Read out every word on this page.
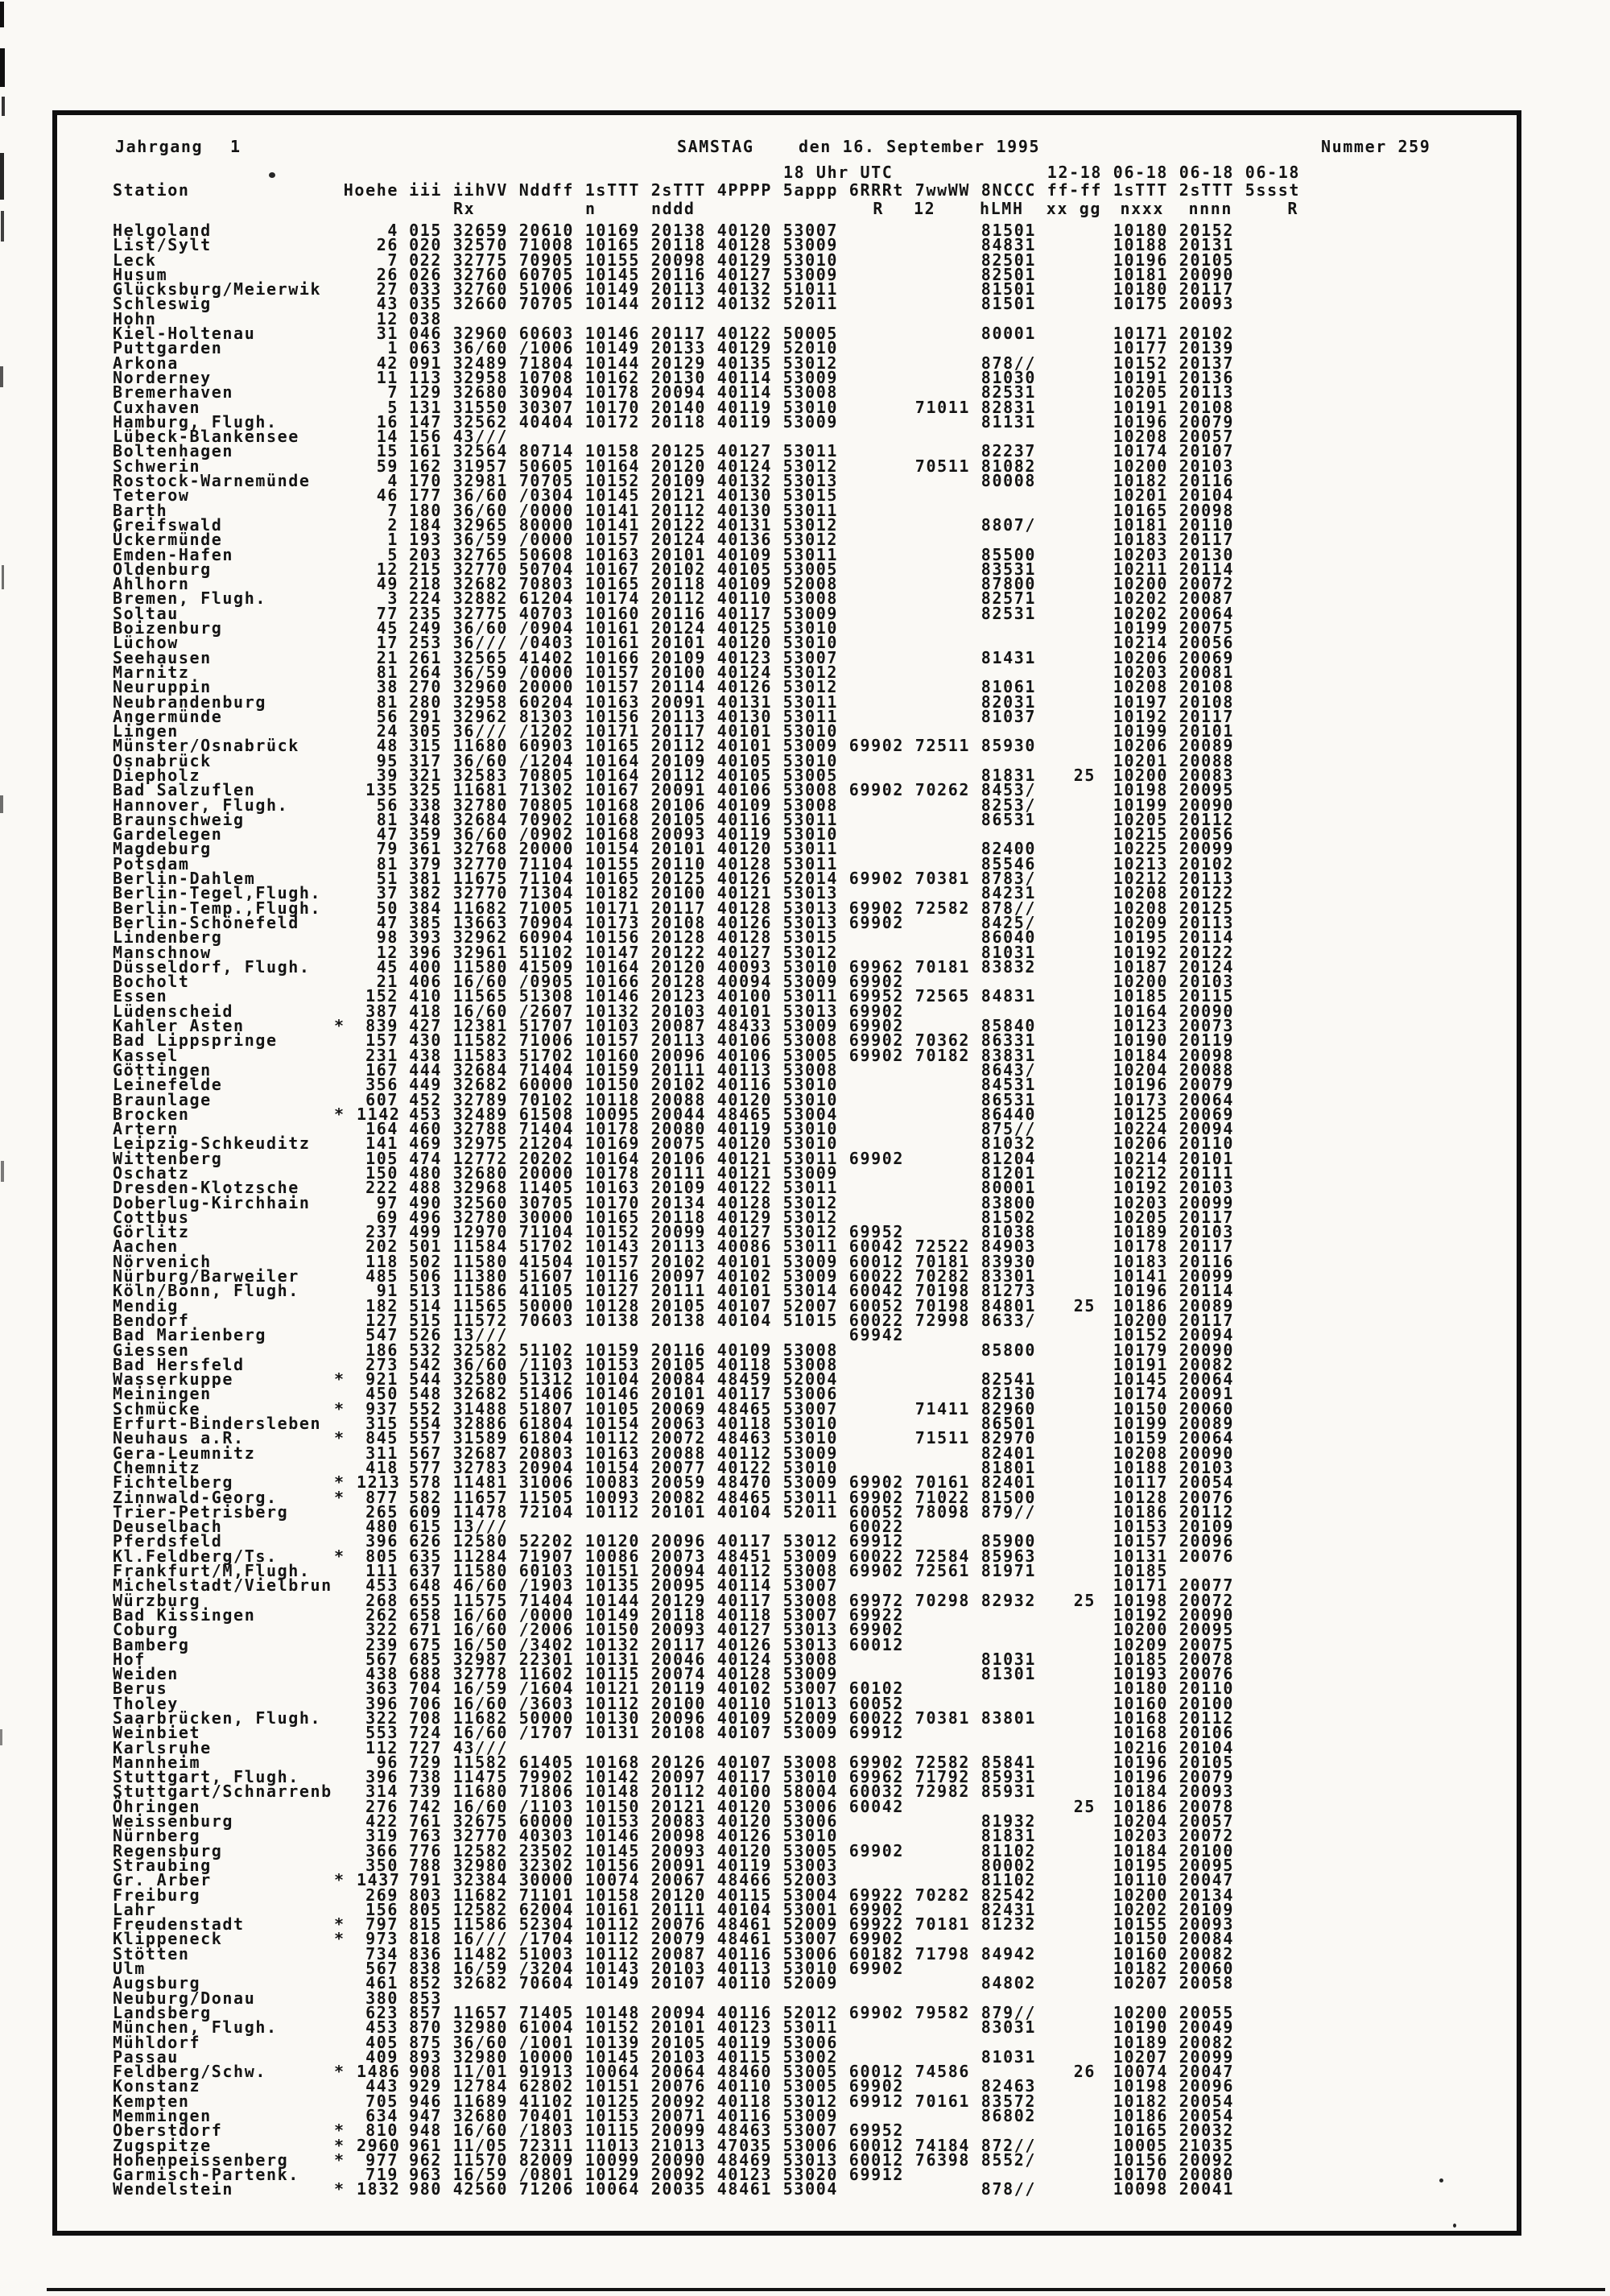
Jahrgang 1	SAMSTAG	den 16. September 1995	Nummer 259
									18 Uhr UTC				12-18	06-18	06-18	06-18
Station	Hoehe		iii	iihVV	Nddff	1sTTT	2sTTT	4PPPP	5appp	6RRRt	7wwWW	8NCCC	ff-ff	1sTTT	2sTTT	5ssst
				Rx		n	nddd			R	12	hLMH	xx gg	nxxx	nnnn	R

Helgoland		4	015	32659	20610	10169	20138	40120	53007			81501		10180	20152	
List/Sylt		26	020	32570	71008	10165	20118	40128	53009			84831		10188	20131	
Leck		7	022	32775	70905	10155	20098	40129	53010			82501		10196	20105	
Husum		26	026	32760	60705	10145	20116	40127	53009			82501		10181	20090	
Glücksburg/Meierwik		27	033	32760	51006	10149	20113	40132	51011			81501		10180	20117	
Schleswig		43	035	32660	70705	10144	20112	40132	52011			81501		10175	20093	
Hohn		12	038													
Kiel-Holtenau		31	046	32960	60603	10146	20117	40122	50005			80001		10171	20102	
Puttgarden		1	063	36/60	/1006	10149	20133	40129	52010					10177	20139	
Arkona		42	091	32489	71804	10144	20129	40135	53012			878//		10152	20137	
Norderney		11	113	32958	10708	10162	20130	40114	53009			81030		10191	20136	
Bremerhaven		7	129	32680	30904	10178	20094	40114	53008			82531		10205	20113	
Cuxhaven		5	131	31550	30307	10170	20140	40119	53010		71011	82831		10191	20108	
Hamburg, Flugh.		16	147	32562	40404	10172	20118	40119	53009			81131		10196	20079	
Lübeck-Blankensee		14	156	43///										10208	20057	
Boltenhagen		15	161	32564	80714	10158	20125	40127	53011			82237		10174	20107	
Schwerin		59	162	31957	50605	10164	20120	40124	53012		70511	81082		10200	20103	
Rostock-Warnemünde		4	170	32981	70705	10152	20109	40132	53013			80008		10182	20116	
Teterow		46	177	36/60	/0304	10145	20121	40130	53015					10201	20104	
Barth		7	180	36/60	/0000	10141	20112	40130	53011					10165	20098	
Greifswald		2	184	32965	80000	10141	20122	40131	53012			8807/		10181	20110	
Ückermünde		1	193	36/59	/0000	10157	20124	40136	53012					10183	20117	
Emden-Hafen		5	203	32765	50608	10163	20101	40109	53011			85500		10203	20130	
Oldenburg		12	215	32770	50704	10167	20102	40105	53005			83531		10211	20114	
Ahlhorn		49	218	32682	70803	10165	20118	40109	52008			87800		10200	20072	
Bremen, Flugh.		3	224	32882	61204	10174	20112	40110	53008			82571		10202	20087	
Soltau		77	235	32775	40703	10160	20116	40117	53009			82531		10202	20064	
Boizenburg		45	249	36/60	/0904	10161	20124	40125	53010					10199	20075	
Lüchow		17	253	36///	/0403	10161	20101	40120	53010					10214	20056	
Seehausen		21	261	32565	41402	10166	20109	40123	53007			81431		10206	20069	
Marnitz		81	264	36/59	/0000	10157	20100	40124	53012					10203	20081	
Neuruppin		38	270	32960	20000	10157	20114	40126	53012			81061		10208	20108	
Neubrandenburg		81	280	32958	60204	10163	20091	40131	53011			82031		10197	20108	
Angermünde		56	291	32962	81303	10156	20113	40130	53011			81037		10192	20117	
Lingen		24	305	36///	/1202	10171	20117	40101	53010					10199	20101	
Münster/Osnabrück		48	315	11680	60903	10165	20112	40101	53009	69902	72511	85930		10206	20089	
Osnabrück		95	317	36/60	/1204	10164	20109	40105	53010					10201	20088	
Diepholz		39	321	32583	70805	10164	20112	40105	53005			81831	25	10200	20083	
Bad Salzuflen		135	325	11681	71302	10167	20091	40106	53008	69902	70262	8453/		10198	20095	
Hannover, Flugh.		56	338	32780	70805	10168	20106	40109	53008			8253/		10199	20090	
Braunschweig		81	348	32684	70902	10168	20105	40116	53011			86531		10205	20112	
Gardelegen		47	359	36/60	/0902	10168	20093	40119	53010					10215	20056	
Magdeburg		79	361	32768	20000	10154	20101	40120	53011			82400		10225	20099	
Potsdam		81	379	32770	71104	10155	20110	40128	53011			85546		10213	20102	
Berlin-Dahlem		51	381	11675	71104	10165	20125	40126	52014	69902	70381	8783/		10212	20113	
Berlin-Tegel,Flugh.		37	382	32770	71304	10182	20100	40121	53013			84231		10208	20122	
Berlin-Temp.,Flugh.		50	384	11682	71005	10171	20117	40128	53013	69902	72582	878//		10208	20125	
Berlin-Schönefeld		47	385	13663	70904	10173	20108	40126	53013	69902		8425/		10209	20113	
Lindenberg		98	393	32962	60904	10156	20128	40128	53015			86040		10195	20114	
Manschnow		12	396	32961	51102	10147	20122	40127	53012			81031		10192	20122	
Düsseldorf, Flugh.		45	400	11580	41509	10164	20120	40093	53010	69962	70181	83832		10187	20124	
Bocholt		21	406	16/60	/0905	10166	20128	40094	53009	69902				10200	20103	
Essen		152	410	11565	51308	10146	20123	40100	53011	69952	72565	84831		10185	20115	
Lüdenscheid		387	418	16/60	/2607	10132	20103	40101	53013	69902				10164	20090	
Kahler Asten	*	839	427	12381	51707	10103	20087	48433	53009	69902		85840		10123	20073	
Bad Lippspringe		157	430	11582	71006	10157	20113	40106	53008	69902	70362	86331		10190	20119	
Kassel		231	438	11583	51702	10160	20096	40106	53005	69902	70182	83831		10184	20098	
Göttingen		167	444	32684	71404	10159	20111	40113	53008			8643/		10204	20088	
Leinefelde		356	449	32682	60000	10150	20102	40116	53010			84531		10196	20079	
Braunlage		607	452	32789	70102	10118	20088	40120	53010			86531		10173	20064	
Brocken	*	1142	453	32489	61508	10095	20044	48465	53004			86440		10125	20069	
Artern		164	460	32788	71404	10178	20080	40119	53010			875//		10224	20094	
Leipzig-Schkeuditz		141	469	32975	21204	10169	20075	40120	53010			81032		10206	20110	
Wittenberg		105	474	12772	20202	10164	20106	40121	53011	69902		81204		10214	20101	
Oschatz		150	480	32680	20000	10178	20111	40121	53009			81201		10212	20111	
Dresden-Klotzsche		222	488	32968	11405	10163	20109	40122	53011			80001		10192	20103	
Doberlug-Kirchhain		97	490	32560	30705	10170	20134	40128	53012			83800		10203	20099	
Cottbus		69	496	32780	30000	10165	20118	40129	53012			81502		10205	20117	
Görlitz		237	499	12970	71104	10152	20099	40127	53012	69952		81038		10189	20103	
Aachen		202	501	11584	51702	10143	20113	40086	53011	60042	72522	84903		10178	20117	
Nörvenich		118	502	11580	41504	10157	20102	40101	53009	60012	70181	83930		10183	20116	
Nürburg/Barweiler		485	506	11380	51607	10116	20097	40102	53009	60022	70282	83301		10141	20099	
Köln/Bonn, Flugh.		91	513	11586	41105	10127	20111	40101	53014	60042	70198	81273		10196	20114	
Mendig		182	514	11565	50000	10128	20105	40107	52007	60052	70198	84801	25	10186	20089	
Bendorf		127	515	11572	70603	10138	20138	40104	51015	60022	72998	8633/		10200	20117	
Bad Marienberg		547	526	13///						69942				10152	20094	
Giessen		186	532	32582	51102	10159	20116	40109	53008			85800		10179	20090	
Bad Hersfeld		273	542	36/60	/1103	10153	20105	40118	53008					10191	20082	
Wasserkuppe	*	921	544	32580	51312	10104	20084	48459	52004			82541		10145	20064	
Meiningen		450	548	32682	51406	10146	20101	40117	53006			82130		10174	20091	
Schmücke	*	937	552	31488	51807	10105	20069	48465	53007		71411	82960		10150	20060	
Erfurt-Bindersleben		315	554	32886	61804	10154	20063	40118	53010			86501		10199	20089	
Neuhaus a.R.	*	845	557	31589	61804	10112	20072	48463	53010		71511	82970		10159	20064	
Gera-Leumnitz		311	567	32687	20803	10163	20088	40112	53009			82401		10208	20090	
Chemnitz		418	577	32783	20904	10154	20077	40122	53010			81801		10188	20103	
Fichtelberg	*	1213	578	11481	31006	10083	20059	48470	53009	69902	70161	82401		10117	20054	
Zinnwald-Georg.	*	877	582	11657	11505	10093	20082	48465	53011	69902	71022	81500		10128	20076	
Trier-Petrisberg		265	609	11478	72104	10112	20101	40104	52011	60052	78098	879//		10186	20112	
Deuselbach		480	615	13///						60022				10153	20109	
Pferdsfeld		396	626	12580	52202	10120	20096	40117	53012	69912		85900		10157	20096	
Kl.Feldberg/Ts.	*	805	635	11284	71907	10086	20073	48451	53009	60022	72584	85963		10131	20076	
Frankfurt/M,Flugh.		111	637	11580	60103	10151	20094	40112	53008	69902	72561	81971		10185		
Michelstadt/Vielbrun		453	648	46/60	/1903	10135	20095	40114	53007					10171	20077	
Würzburg		268	655	11575	71404	10144	20129	40117	53008	69972	70298	82932	25	10198	20072	
Bad Kissingen		262	658	16/60	/0000	10149	20118	40118	53007	69922				10192	20090	
Coburg		322	671	16/60	/2006	10150	20093	40127	53013	69902				10200	20095	
Bamberg		239	675	16/50	/3402	10132	20117	40126	53013	60012				10209	20075	
Hof		567	685	32987	22301	10131	20046	40124	53008			81031		10185	20078	
Weiden		438	688	32778	11602	10115	20074	40128	53009			81301		10193	20076	
Berus		363	704	16/59	/1604	10121	20119	40102	53007	60102				10180	20110	
Tholey		396	706	16/60	/3603	10112	20100	40110	51013	60052				10160	20100	
Saarbrücken, Flugh.		322	708	11682	50000	10130	20096	40109	52009	60022	70381	83801		10168	20112	
Weinbiet		553	724	16/60	/1707	10131	20108	40107	53009	69912				10168	20106	
Karlsruhe		112	727	43///										10216	20104	
Mannheim		96	729	11582	61405	10168	20126	40107	53008	69902	72582	85841		10196	20105	
Stuttgart, Flugh.		396	738	11475	79902	10142	20097	40117	53010	69962	71792	85931		10196	20079	
Stuttgart/Schnarrenb		314	739	11680	71806	10148	20112	40100	58004	60032	72982	85931		10184	20093	
Öhringen		276	742	16/60	/1103	10150	20121	40120	53006	60042			25	10186	20078	
Weissenburg		422	761	32675	60000	10153	20083	40120	53006			81932		10204	20057	
Nürnberg		319	763	32770	40303	10146	20098	40126	53010			81831		10203	20072	
Regensburg		366	776	12582	23502	10145	20093	40120	53005	69902		81102		10184	20100	
Straubing		350	788	32980	32302	10156	20091	40119	53003			80002		10195	20095	
Gr. Arber	*	1437	791	32384	30000	10074	20067	48466	52003			81102		10110	20047	
Freiburg		269	803	11682	71101	10158	20120	40115	53004	69922	70282	82542		10200	20134	
Lahr		156	805	12582	62004	10161	20111	40104	53001	69902		82431		10202	20109	
Freudenstadt	*	797	815	11586	52304	10112	20076	48461	52009	69922	70181	81232		10155	20093	
Klippeneck	*	973	818	16///	/1704	10112	20079	48461	53007	69902				10150	20084	
Stötten		734	836	11482	51003	10112	20087	40116	53006	60182	71798	84942		10160	20082	
Ulm		567	838	16/59	/3204	10143	20103	40113	53010	69902				10182	20060	
Augsburg		461	852	32682	70604	10149	20107	40110	52009			84802		10207	20058	
Neuburg/Donau		380	853													
Landsberg		623	857	11657	71405	10148	20094	40116	52012	69902	79582	879//		10200	20055	
München, Flugh.		453	870	32980	61004	10152	20101	40123	53011			83031		10190	20049	
Mühldorf		405	875	36/60	/1001	10139	20105	40119	53006					10189	20082	
Passau		409	893	32980	10000	10145	20103	40115	53002			81031		10207	20099	
Feldberg/Schw.	*	1486	908	11/01	91913	10064	20064	48460	53005	60012	74586		26	10074	20047	
Konstanz		443	929	12784	62802	10151	20076	40110	53005	69902		82463		10198	20096	
Kempten		705	946	11689	41102	10125	20092	40118	53012	69912	70161	83572		10182	20054	
Memmingen		634	947	32680	70401	10153	20071	40116	53009			86802		10186	20054	
Oberstdorf	*	810	948	16/60	/1803	10115	20099	48463	53007	69952				10165	20032	
Zugspitze	*	2960	961	11/05	72311	11013	21013	47035	53006	60012	74184	872//		10005	21035	
Hohenpeissenberg	*	977	962	11570	82009	10099	20090	48469	53013	60012	76398	8552/		10156	20092	
Garmisch-Partenk.		719	963	16/59	/0801	10129	20092	40123	53020	69912				10170	20080	
Wendelstein	*	1832	980	42560	71206	10064	20035	48461	53004			878//		10098	20041	
